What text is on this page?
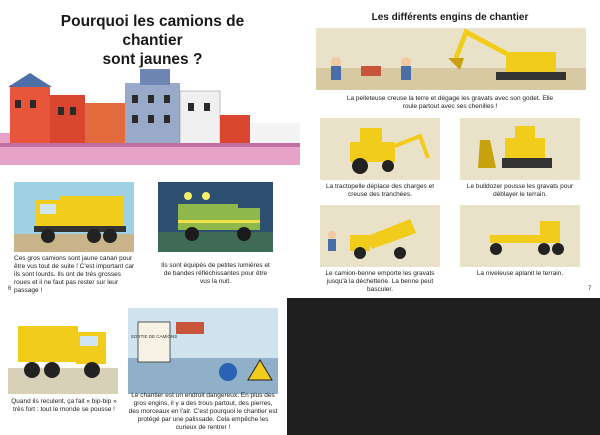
Pourquoi les camions de chantier
sont jaunes ?
Ces gros camions sont jaune canari pour être vus tout de suite ! C'est important car ils sont lourds. Ils ont de très grosses roues et il ne faut pas rester sur leur passage !
Ils sont équipés de petites lumières et de bandes réfléchissantes pour être vus la nuit.
6
Les différents engins de chantier
La pelleteuse creuse la terre et dégage les gravats avec son godet. Elle roule partout avec ses chenilles !
La tractopelle déplace des charges et creuse des tranchées.
Le bulldozer pousse les gravats pour déblayer le terrain.
Le camion-benne emporte les gravats jusqu'à la déchetterie. La benne peut basculer.
La niveleuse aplanit le terrain.
7
Quand ils reculent, ça fait « bip-bip » très fort : tout le monde se pousse !
SORTIE DE CAMIONS
Le chantier est un endroit dangereux. En plus des gros engins, il y a des trous partout, des pierres, des morceaux en l'air. C'est pourquoi le chantier est protégé par une palissade. Cela empêche les curieux de rentrer !
